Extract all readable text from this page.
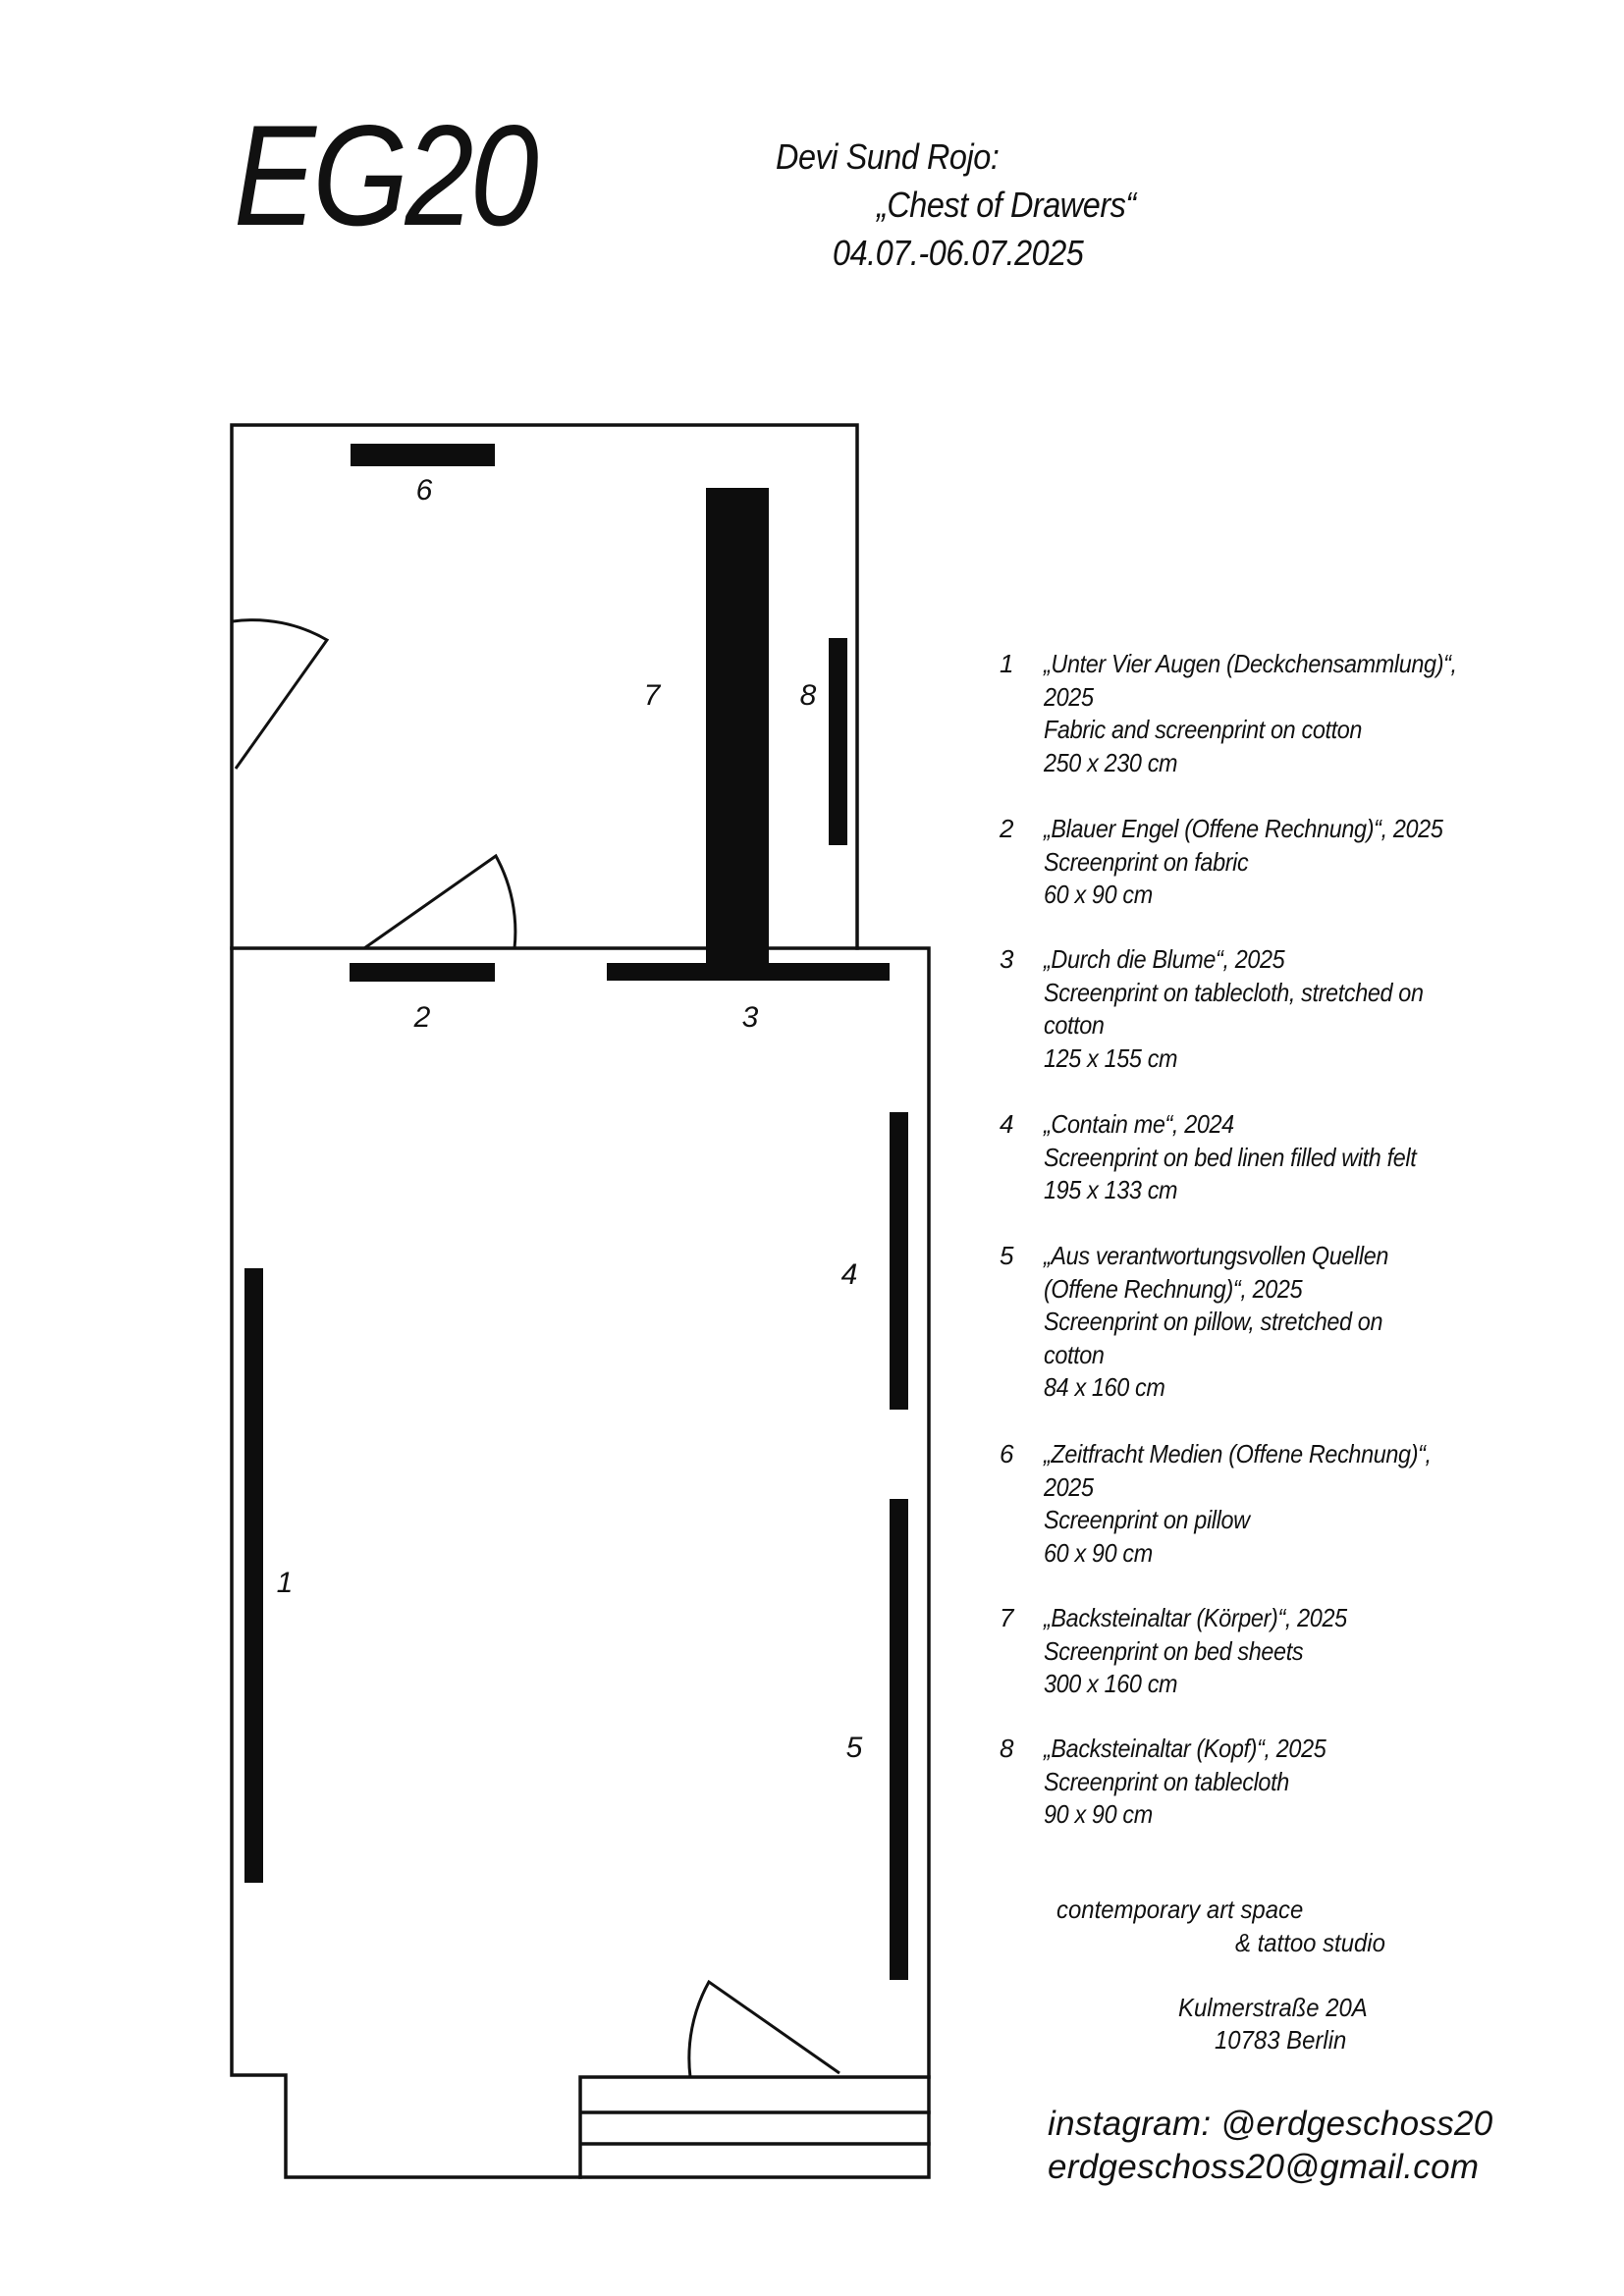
EG20	Devi Sund Rojo:
„Chest of Drawers“
04.07.-06.07.2025
1
2	3
4
5
6
7	8
1 „Unter Vier Augen (Deckchensammlung)“,
2025
Fabric and screenprint on cotton
250 x 230 cm
2 „Blauer Engel (Offene Rechnung)“, 2025
Screenprint on fabric
60 x 90 cm
3 „Durch die Blume“, 2025
Screenprint on tablecloth, stretched on
cotton
125 x 155 cm
4 „Contain me“, 2024
Screenprint on bed linen filled with felt
195 x 133 cm
5 „Aus verantwortungsvollen Quellen
(Offene Rechnung)“, 2025
Screenprint on pillow, stretched on
cotton
84 x 160 cm
6 „Zeitfracht Medien (Offene Rechnung)“,
2025
Screenprint on pillow
60 x 90 cm
7 „Backsteinaltar (Körper)“, 2025
Screenprint on bed sheets
300 x 160 cm
8 „Backsteinaltar (Kopf)“, 2025
Screenprint on tablecloth
90 x 90 cm
contemporary art space
& tattoo studio
Kulmerstraße 20A
10783 Berlin
instagram: @erdgeschoss20
erdgeschoss20@gmail.com
